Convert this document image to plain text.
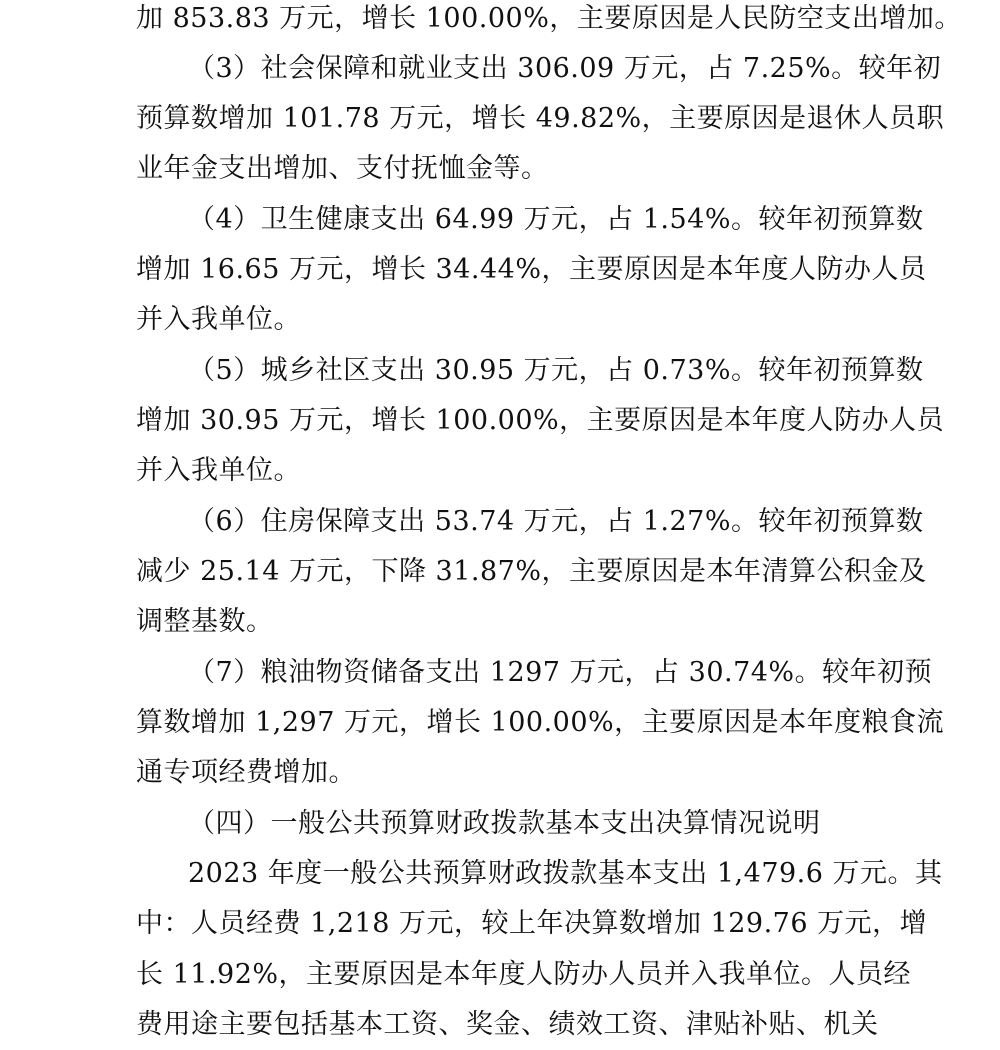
加 853.83 万元，增长 100.00%，主要原因是人民防空支出增加。
（3）社会保障和就业支出 306.09 万元，占 7.25%。较年初
预算数增加 101.78 万元，增长 49.82%，主要原因是退休人员职
业年金支出增加、支付抚恤金等。
（4）卫生健康支出 64.99 万元，占 1.54%。较年初预算数
增加 16.65 万元，增长 34.44%，主要原因是本年度人防办人员
并入我单位。
（5）城乡社区支出 30.95 万元，占 0.73%。较年初预算数
增加 30.95 万元，增长 100.00%，主要原因是本年度人防办人员
并入我单位。
（6）住房保障支出 53.74 万元，占 1.27%。较年初预算数
减少 25.14 万元，下降 31.87%，主要原因是本年清算公积金及
调整基数。
（7）粮油物资储备支出 1297 万元，占 30.74%。较年初预
算数增加 1,297 万元，增长 100.00%，主要原因是本年度粮食流
通专项经费增加。
（四）一般公共预算财政拨款基本支出决算情况说明
2023 年度一般公共预算财政拨款基本支出 1,479.6 万元。其
中：人员经费 1,218 万元，较上年决算数增加 129.76 万元，增
长 11.92%，主要原因是本年度人防办人员并入我单位。人员经
费用途主要包括基本工资、奖金、绩效工资、津贴补贴、机关
